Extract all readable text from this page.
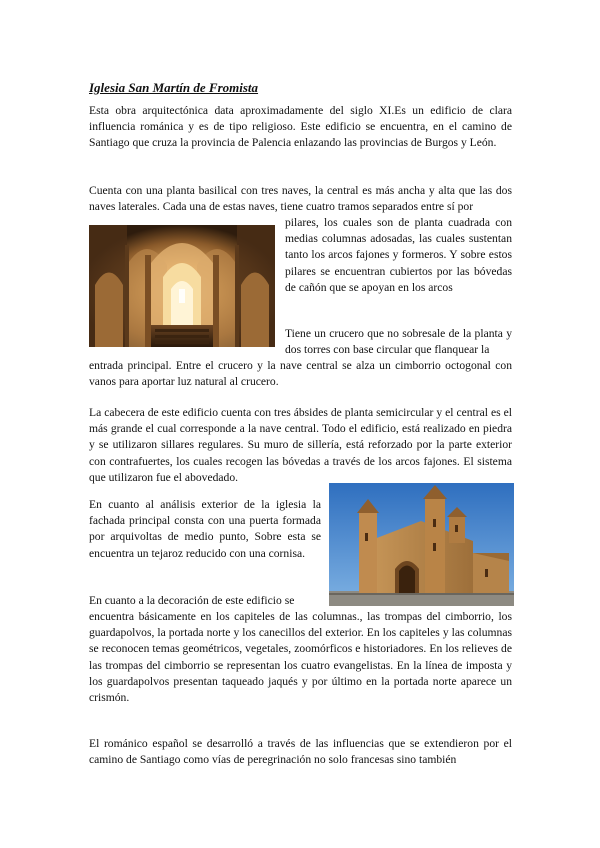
Iglesia San Martín de Fromista

Esta obra arquitectónica data aproximadamente del siglo XI.Es un edificio de clara influencia románica y es de tipo religioso. Este edificio se encuentra, en el camino de Santiago que cruza la provincia de Palencia enlazando las provincias de Burgos y León.

Cuenta con una planta basilical con tres naves, la central es más ancha y alta que las dos naves laterales. Cada una de estas naves, tiene cuatro tramos separados entre sí por

pilares, los cuales son de planta cuadrada con medias columnas adosadas, las cuales sustentan tanto los arcos fajones y formeros. Y sobre estos pilares se encuentran cubiertos por las bóvedas de cañón que se apoyan en los arcos

Tiene un crucero que no sobresale de la planta y dos torres con base circular que flanquear la

entrada principal. Entre el crucero y la nave central se alza un cimborrio octogonal con vanos para aportar luz natural al crucero.

La cabecera de este edificio cuenta con tres ábsides de planta semicircular y el central es el más grande el cual corresponde a la nave central. Todo el edificio, está realizado en piedra y se utilizaron sillares regulares. Su muro de sillería, está reforzado por la parte exterior con contrafuertes, los cuales recogen las bóvedas a través de los arcos fajones. El sistema que utilizaron fue el abovedado.

En cuanto al análisis exterior de la iglesia la fachada principal consta con una puerta formada por arquivoltas de medio punto, Sobre esta se encuentra un tejaroz reducido con una cornisa.

En cuanto a la decoración de este edificio se

encuentra básicamente en los capiteles de las columnas., las trompas del cimborrio, los guardapolvos, la portada norte y los canecillos del exterior. En los capiteles y las columnas se reconocen temas geométricos, vegetales, zoomórficos e historiadores. En los relieves de las trompas del cimborrio se representan los cuatro evangelistas. En la línea de imposta y los guardapolvos presentan taqueado jaqués y por último en la portada norte aparece un crismón.

El románico español se desarrolló a través de las influencias que se extendieron por el camino de Santiago como vías de peregrinación no solo francesas sino también
